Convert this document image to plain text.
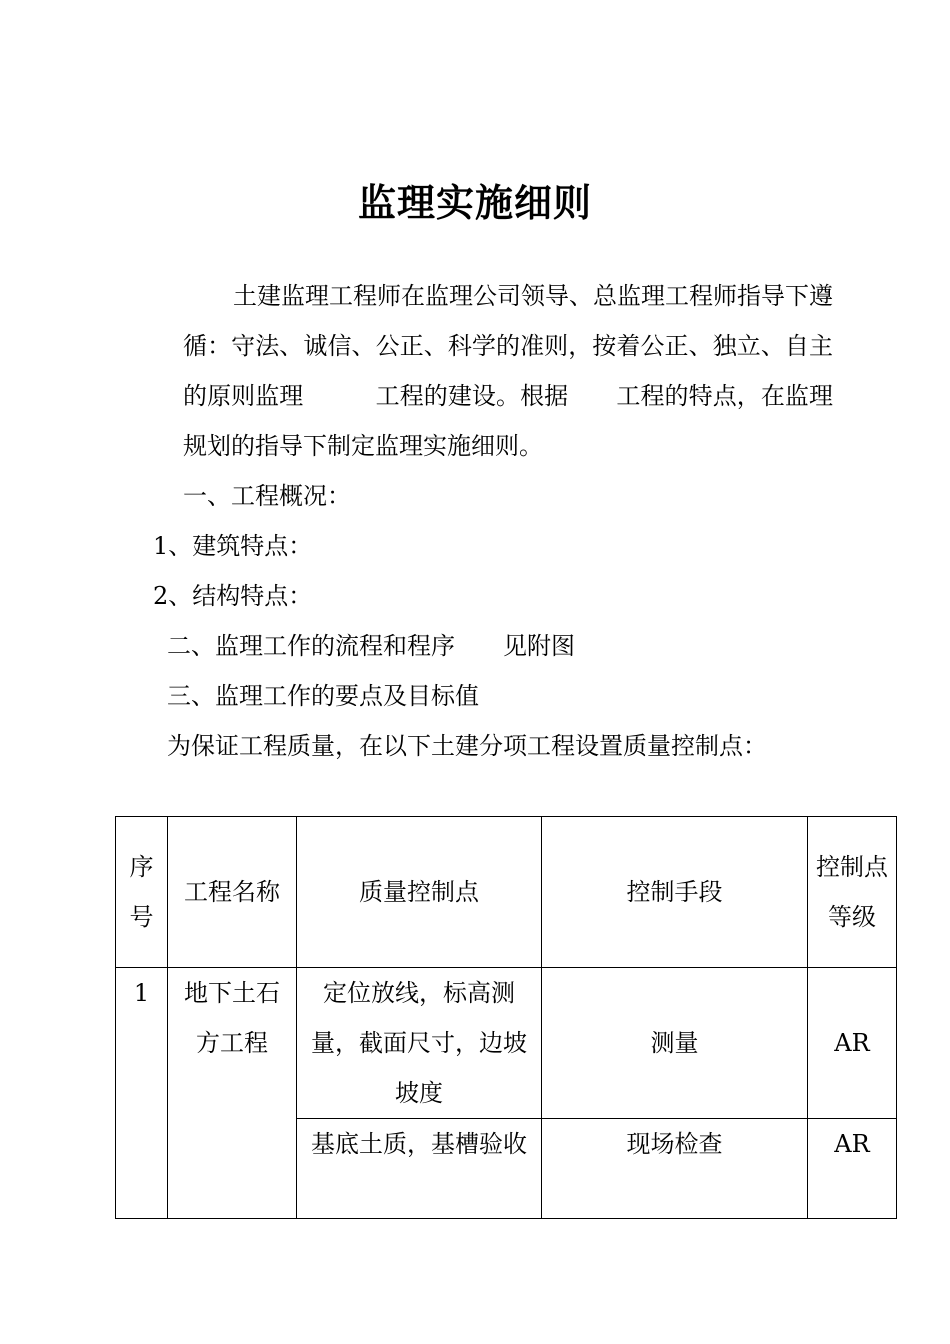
监理实施细则
土建监理工程师在监理公司领导、总监理工程师指导下遵循：守法、诚信、公正、科学的准则，按着公正、独立、自主的原则监理　　　工程的建设。根据　　工程的特点，在监理规划的指导下制定监理实施细则。
一、工程概况：
1、建筑特点：
2、结构特点：
二、监理工作的流程和程序　　见附图
三、监理工作的要点及目标值
为保证工程质量，在以下土建分项工程设置质量控制点：
序号	工程名称	质量控制点	控制手段	控制点等级
1	地下土石方工程	定位放线，标高测量，截面尺寸，边坡坡度	测量	AR
		基底土质，基槽验收	现场检查	AR
